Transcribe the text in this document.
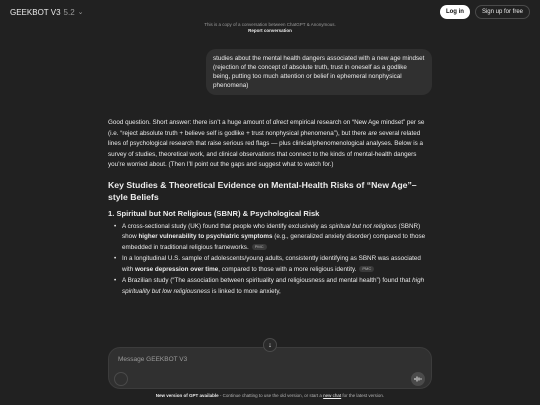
GEEKBOT V3 5.2 ⌄	Log in	Sign up for free
This is a copy of a conversation between ChatGPT & Anonymous.
Report conversation
studies about the mental health dangers associated with a new age mindset (rejection of the concept of absolute truth, trust in oneself as a godlike being, putting too much attention or belief in ephemeral nonphysical phenomena)

Good question. Short answer: there isn’t a huge amount of direct empirical research on “New Age mindset” per se (i.e. “reject absolute truth + believe self is godlike + trust nonphysical phenomena”), but there are several related lines of psychological research that raise serious red flags — plus clinical/phenomenological analyses. Below is a survey of studies, theoretical work, and clinical observations that connect to the kinds of mental-health dangers you’re worried about. (Then I’ll point out the gaps and suggest what to watch for.)

Key Studies & Theoretical Evidence on Mental-Health Risks of “New Age”–style Beliefs
1. Spiritual but Not Religious (SBNR) & Psychological Risk
• A cross-sectional study (UK) found that people who identify exclusively as spiritual but not religious (SBNR) show higher vulnerability to psychiatric symptoms (e.g., generalized anxiety disorder) compared to those embedded in traditional religious frameworks. PMC
• In a longitudinal U.S. sample of adolescents/young adults, consistently identifying as SBNR was associated with worse depression over time, compared to those with a more religious identity. PMC
• A Brazilian study (“The association between spirituality and religiousness and mental health”) found that high spirituality but low religiousness is linked to more anxiety,
↓
Message GEEKBOT V3
New version of GPT available - Continue chatting to use the old version, or start a new chat for the latest version.
